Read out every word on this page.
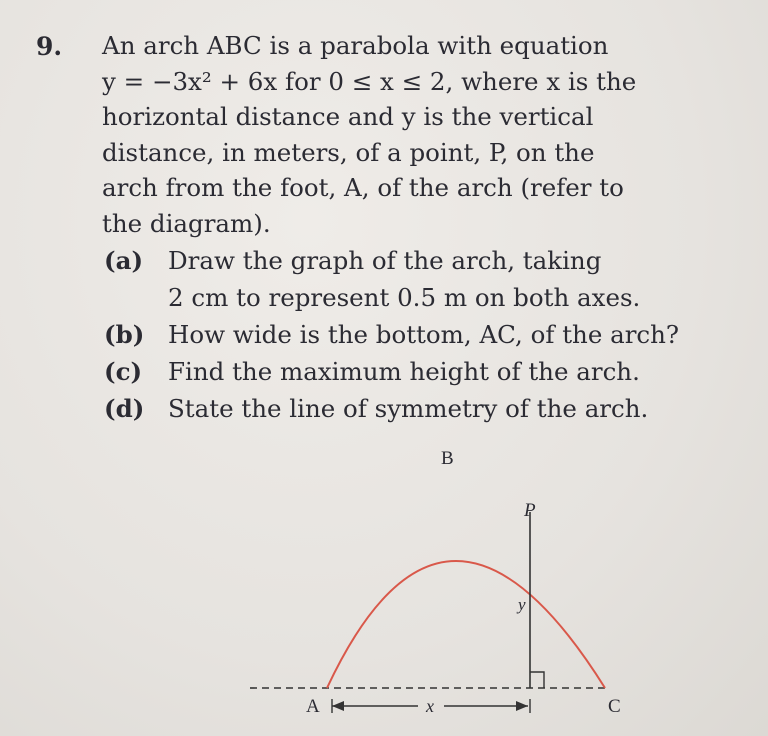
9. An arch ABC is a parabola with equation
y = −3x² + 6x for 0 ≤ x ≤ 2, where x is the
horizontal distance and y is the vertical
distance, in meters, of a point, P, on the
arch from the foot, A, of the arch (refer to
the diagram).
(a)	Draw the graph of the arch, taking
2 cm to represent 0.5 m on both axes.
(b) How wide is the bottom, AC, of the arch?
(c)	Find the maximum height of the arch.
(d) State the line of symmetry of the arch.
B
P
y
A	x	C
